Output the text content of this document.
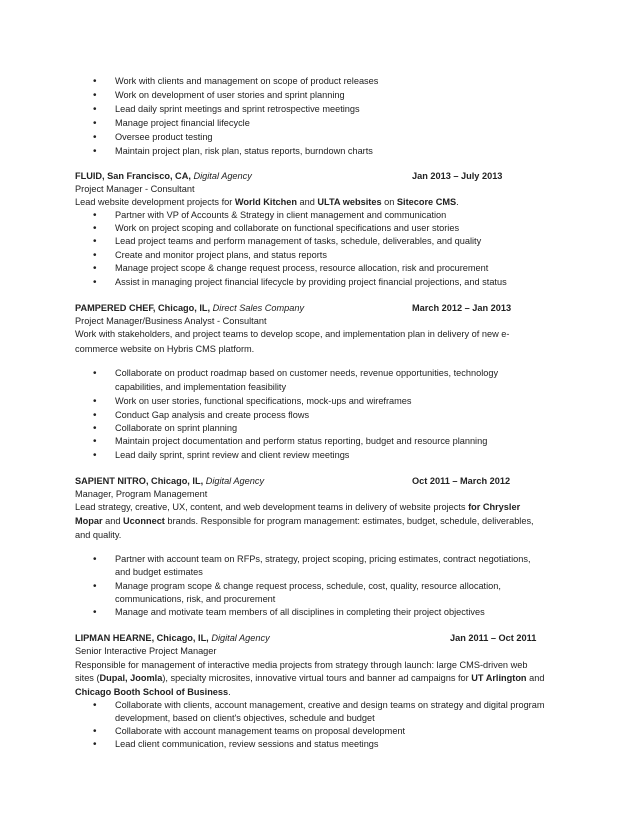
• Work with clients and management on scope of product releases
• Work on development of user stories and sprint planning
• Lead daily sprint meetings and sprint retrospective meetings
• Manage project financial lifecycle
• Oversee product testing
• Maintain project plan, risk plan, status reports, burndown charts
FLUID, San Francisco, CA, Digital Agency	Jan 2013 – July 2013
Project Manager - Consultant
Lead website development projects for World Kitchen and ULTA websites on Sitecore CMS.
• Partner with VP of Accounts & Strategy in client management and communication
• Work on project scoping and collaborate on functional specifications and user stories
• Lead project teams and perform management of tasks, schedule, deliverables, and quality
• Create and monitor project plans, and status reports
• Manage project scope & change request process, resource allocation, risk and procurement
• Assist in managing project financial lifecycle by providing project financial projections, and status
PAMPERED CHEF, Chicago, IL, Direct Sales Company	March 2012 – Jan 2013
Project Manager/Business Analyst - Consultant
Work with stakeholders, and project teams to develop scope, and implementation plan in delivery of new e-
commerce website on Hybris CMS platform.
• Collaborate on product roadmap based on customer needs, revenue opportunities, technology
capabilities, and implementation feasibility
• Work on user stories, functional specifications, mock-ups and wireframes
• Conduct Gap analysis and create process flows
• Collaborate on sprint planning
• Maintain project documentation and perform status reporting, budget and resource planning
• Lead daily sprint, sprint review and client review meetings
SAPIENT NITRO, Chicago, IL, Digital Agency	Oct 2011 – March 2012
Manager, Program Management
Lead strategy, creative, UX, content, and web development teams in delivery of website projects for Chrysler
Mopar and Uconnect brands. Responsible for program management: estimates, budget, schedule, deliverables,
and quality.
• Partner with account team on RFPs, strategy, project scoping, pricing estimates, contract negotiations,
and budget estimates
• Manage program scope & change request process, schedule, cost, quality, resource allocation,
communications, risk, and procurement
• Manage and motivate team members of all disciplines in completing their project objectives
LIPMAN HEARNE, Chicago, IL, Digital Agency	Jan 2011 – Oct 2011
Senior Interactive Project Manager
Responsible for management of interactive media projects from strategy through launch: large CMS-driven web
sites (Dupal, Joomla), specialty microsites, innovative virtual tours and banner ad campaigns for UT Arlington and
Chicago Booth School of Business.
• Collaborate with clients, account management, creative and design teams on strategy and digital program
development, based on client's objectives, schedule and budget
• Collaborate with account management teams on proposal development
• Lead client communication, review sessions and status meetings
